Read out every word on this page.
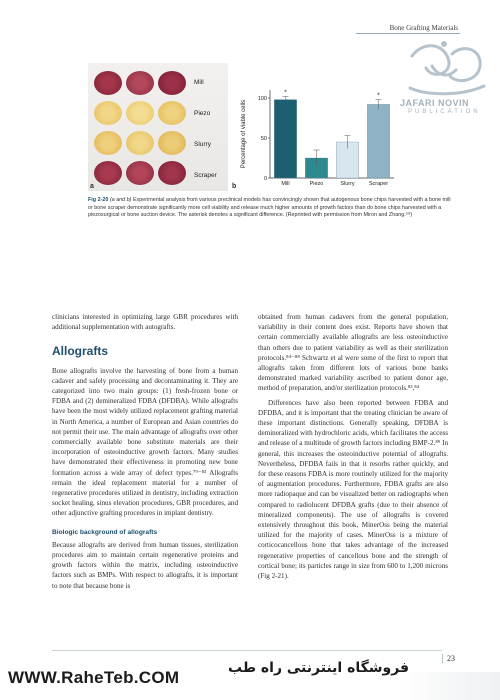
Bone Grafting Materials
JAFARI NOVIN
PUBLICATION
Mill
Piezo
Slurry
Scraper
a
Percentage of viable cells
0
50
100
*
Mill	Piezo	Slurry
*
Scraper
b
Fig 2-20 (a and b) Experimental analysis from various preclinical models has convincingly shown that autogenous bone chips harvested with a bone mill or bone scraper demonstrate significantly more cell viability and release much higher amounts of growth factors than do bone chips harvested with a piezosurgical or bone suction device. The asterisk denotes a significant difference. (Reprinted with permission from Miron and Zhang.⁵⁸)

clinicians interested in optimizing large GBR procedures with additional supplementation with autografts.

Allografts

Bone allografts involve the harvesting of bone from a human cadaver and safely processing and decontaminating it. They are categorized into two main groups: (1) fresh-frozen bone or FDBA and (2) demineralized FDBA (DFDBA). While allografts have been the most widely utilized replacement grafting material in North America, a number of European and Asian countries do not permit their use. The main advantage of allografts over other commercially available bone substitute materials are their incorporation of osteoinductive growth factors. Many studies have demonstrated their effectiveness in promoting new bone formation across a wide array of defect types.⁷⁹⁻⁸³ Allografts remain the ideal replacement material for a number of regenerative procedures utilized in dentistry, including extraction socket healing, sinus elevation procedures, GBR procedures, and other adjunctive grafting procedures in implant dentistry.

Biologic background of allografts

Because allografts are derived from human tissues, sterilization procedures aim to maintain certain regenerative proteins and growth factors within the matrix, including osteoinductive factors such as BMPs. With respect to allografts, it is important to note that because bone is

obtained from human cadavers from the general population, variability in their content does exist. Reports have shown that certain commercially available allografts are less osteoinductive than others due to patient variability as well as their sterilization protocols.⁸⁴⁻⁸⁸ Schwartz et al were some of the first to report that allografts taken from different lots of various bone banks demonstrated marked variability ascribed to patient donor age, method of preparation, and/or sterilization protocols.⁸³,⁸⁴

Differences have also been reported between FDBA and DFDBA, and it is important that the treating clinician be aware of these important distinctions. Generally speaking, DFDBA is demineralized with hydrochloric acids, which facilitates the access and release of a multitude of growth factors including BMP-2.⁸⁹ In general, this increases the osteoinductive potential of allografts. Nevertheless, DFDBA fails in that it resorbs rather quickly, and for these reasons FDBA is more routinely utilized for the majority of augmentation procedures. Furthermore, FDBA grafts are also more radiopaque and can be visualized better on radiographs when compared to radiolucent DFDBA grafts (due to their absence of mineralized components). The use of allografts is covered extensively throughout this book, MinerOss being the material utilized for the majority of cases. MinerOss is a mixture of corticocancellous bone that takes advantage of the increased regenerative properties of cancellous bone and the strength of cortical bone; its particles range in size from 600 to 1,200 microns (Fig 2-21).

23
WWW.RaheTeb.COM	فروشگاه اینترنتی راه طب
